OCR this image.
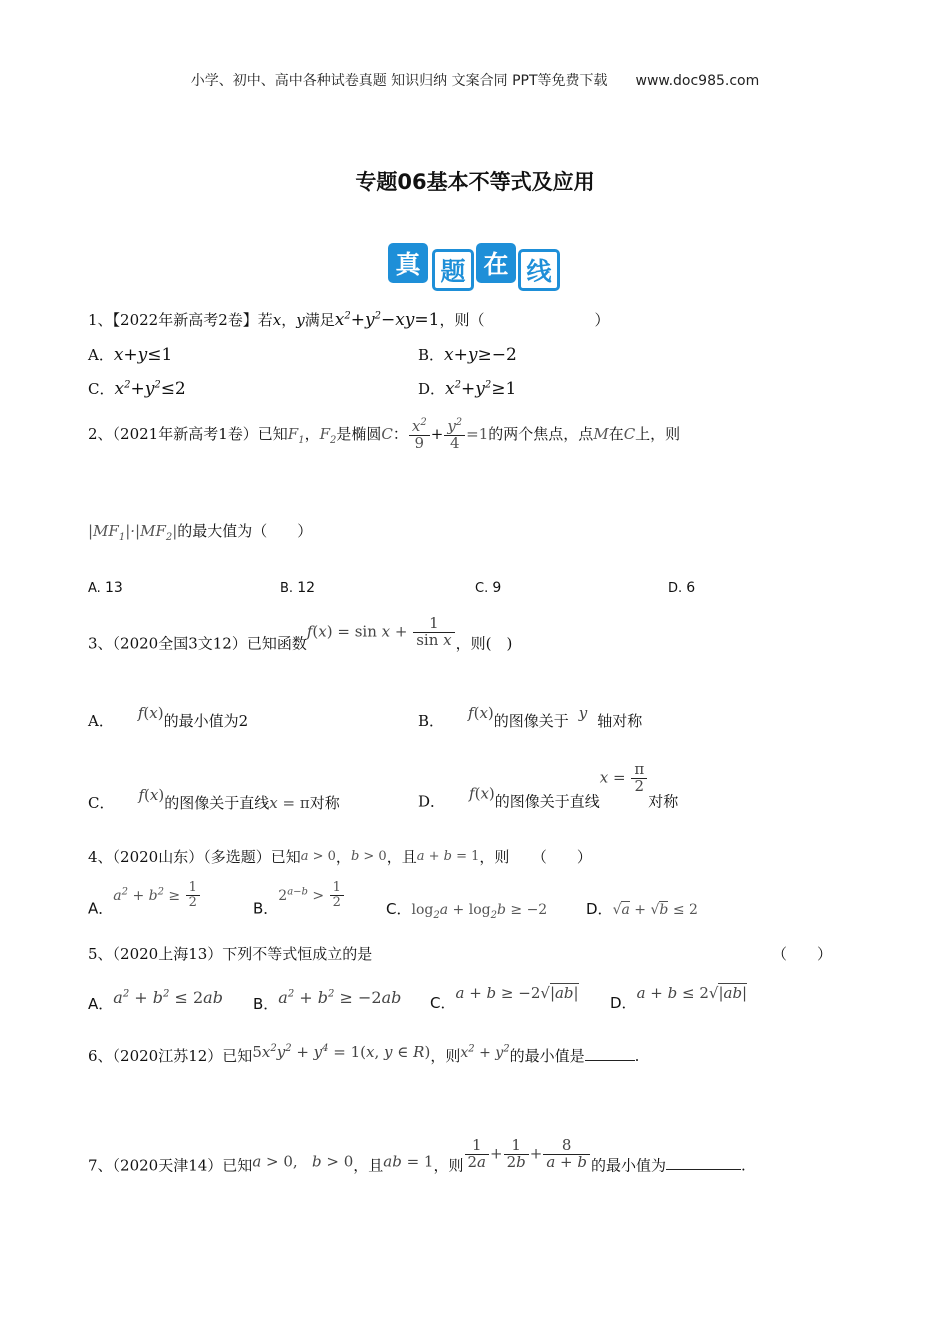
小学、初中、高中各种试卷真题 知识归纳 文案合同 PPT等免费下载 www.doc985.com
专题06基本不等式及应用
真 题 在 线
1、【2022年新高考2卷】若x，y满足$x^2+y^2-xy=1$，则（	）
A．x+y≤1	B．x+y≥−2
C．$x^2+y^2\le 2$	D．$x^2+y^2\ge 1$
2、（2021年新高考1卷）已知$F_1$，$F_2$是椭圆C： $\frac{x^2}{9} + \frac{y^2}{4} =1$的两个焦点，点M在C上，则
$|MF_1|\cdot|MF_2|$的最大值为（　　）
A. 13	B. 12	C. 9	D. 6
3、（2020全国3文12）已知函数$f(x) = \sin x + \frac{1}{\text{sin x}}$ ，则(　)
A． f(x)的最小值为2	B． f(x)的图像关于 y 轴对称
C． f(x)的图像关于直线x = π对称	D． f(x)的图像关于直线$x = \frac{\pi}{2}$
对称
4、（2020山东）（多选题）已知a > 0，b > 0，且a + b = 1，则　　（　　）
A．$a^2 + b^2 \ge \frac{1}{2}$	B．$2^{a-b} > \frac{1}{2}$	C．$\log_2a + \log_2b \ge -2$	D．√a + √b ≤ 2
5、（2020上海13）下列不等式恒成立的是	（　　）
A．$a^2 + b^2 \le 2ab$ B．$a^2 + b^2 \ge -2ab$ C．a + b ≥ −2√|ab|
D．a + b ≤ 2√|ab|
6、（2020江苏12）已知$5x^2y^2 + y^4 = 1(x$, y ∈ R)，则$x^2 + y^2$的最小值是	.
7、（2020天津14）已知a > 0,   b > 0，且ab = 1，则 $\frac{1}{2a} + \frac{1}{2b} + \frac{8}{a + b}$ 的最小值为	.
